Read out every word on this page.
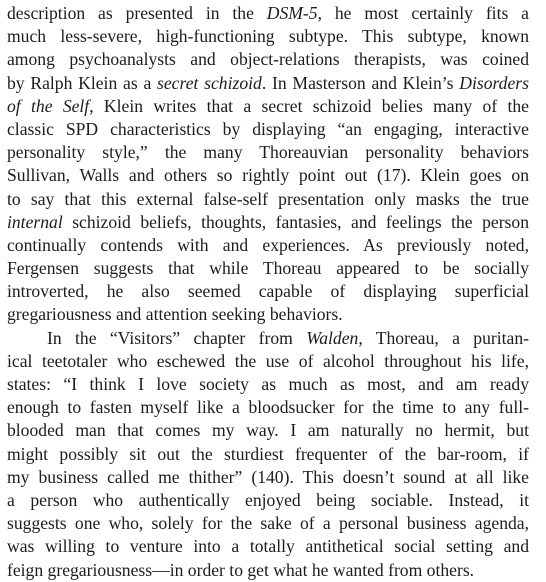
description as presented in the DSM-5, he most certainly fits a
much less-severe, high-functioning subtype. This subtype, known
among psychoanalysts and object-relations therapists, was coined
by Ralph Klein as a secret schizoid. In Masterson and Klein’s Disorders
of the Self, Klein writes that a secret schizoid belies many of the
classic SPD characteristics by displaying “an engaging, interactive
personality style,” the many Thoreauvian personality behaviors
Sullivan, Walls and others so rightly point out (17). Klein goes on
to say that this external false-self presentation only masks the true
internal schizoid beliefs, thoughts, fantasies, and feelings the person
continually contends with and experiences. As previously noted,
Fergensen suggests that while Thoreau appeared to be socially
introverted, he also seemed capable of displaying superficial
gregariousness and attention seeking behaviors.
In the “Visitors” chapter from Walden, Thoreau, a puritan-
ical teetotaler who eschewed the use of alcohol throughout his life,
states: “I think I love society as much as most, and am ready
enough to fasten myself like a bloodsucker for the time to any full-
blooded man that comes my way. I am naturally no hermit, but
might possibly sit out the sturdiest frequenter of the bar-room, if
my business called me thither” (140). This doesn’t sound at all like
a person who authentically enjoyed being sociable. Instead, it
suggests one who, solely for the sake of a personal business agenda,
was willing to venture into a totally antithetical social setting and
feign gregariousness—in order to get what he wanted from others.
